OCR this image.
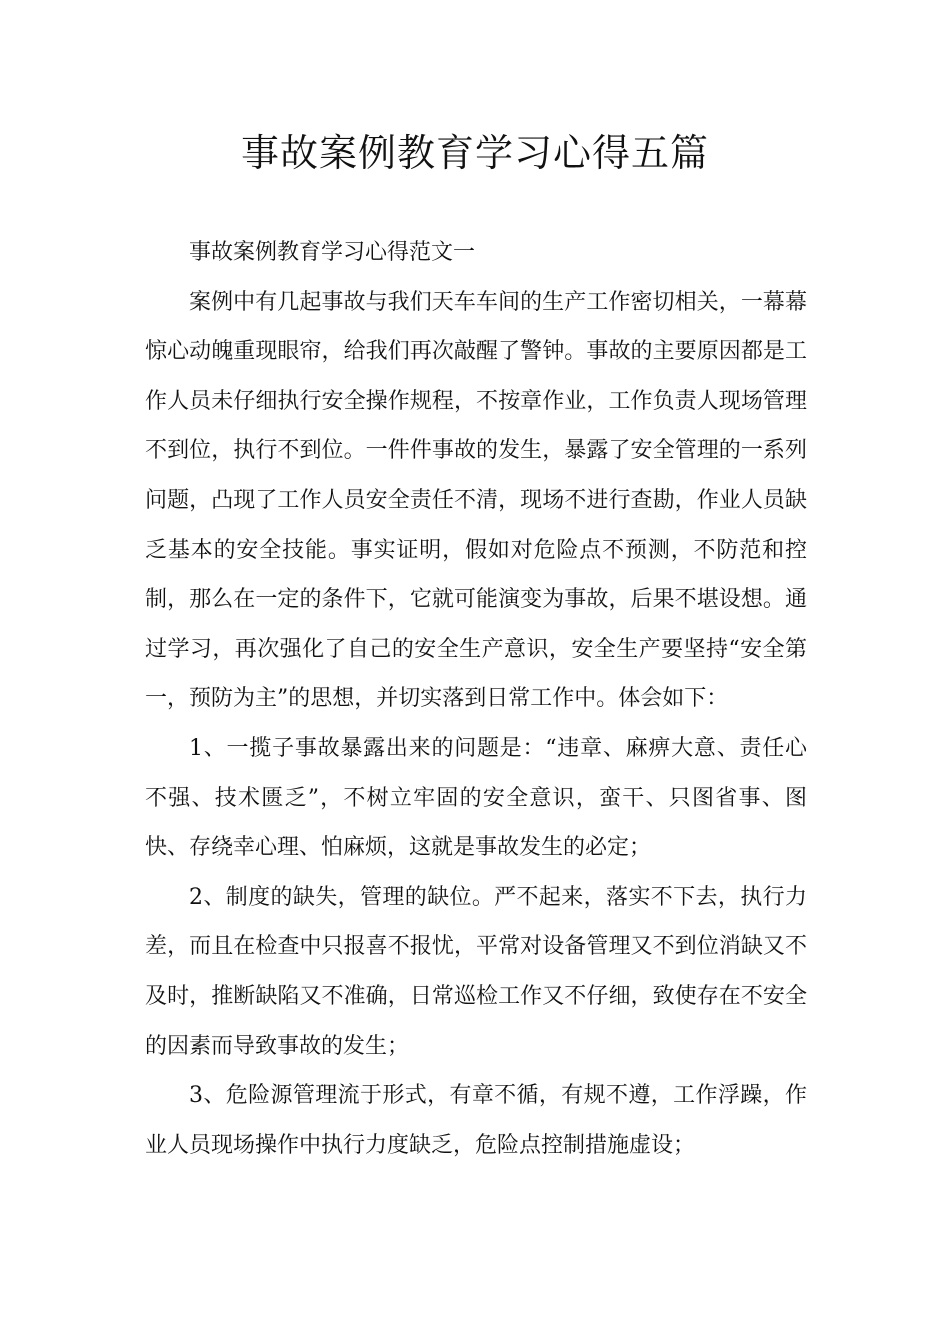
事故案例教育学习心得五篇

事故案例教育学习心得范文一

案例中有几起事故与我们天车车间的生产工作密切相关，一幕幕惊心动魄重现眼帘，给我们再次敲醒了警钟。事故的主要原因都是工作人员未仔细执行安全操作规程，不按章作业，工作负责人现场管理不到位，执行不到位。一件件事故的发生，暴露了安全管理的一系列问题，凸现了工作人员安全责任不清，现场不进行查勘，作业人员缺乏基本的安全技能。事实证明，假如对危险点不预测，不防范和控制，那么在一定的条件下，它就可能演变为事故，后果不堪设想。通过学习，再次强化了自己的安全生产意识，安全生产要坚持“安全第一，预防为主”的思想，并切实落到日常工作中。体会如下：

1、一揽子事故暴露出来的问题是：“违章、麻痹大意、责任心不强、技术匮乏”，不树立牢固的安全意识，蛮干、只图省事、图快、存绕幸心理、怕麻烦，这就是事故发生的必定；

2、制度的缺失，管理的缺位。严不起来，落实不下去，执行力差，而且在检查中只报喜不报忧，平常对设备管理又不到位消缺又不及时，推断缺陷又不准确，日常巡检工作又不仔细，致使存在不安全的因素而导致事故的发生；

3、危险源管理流于形式，有章不循，有规不遵，工作浮躁，作业人员现场操作中执行力度缺乏，危险点控制措施虚设；
